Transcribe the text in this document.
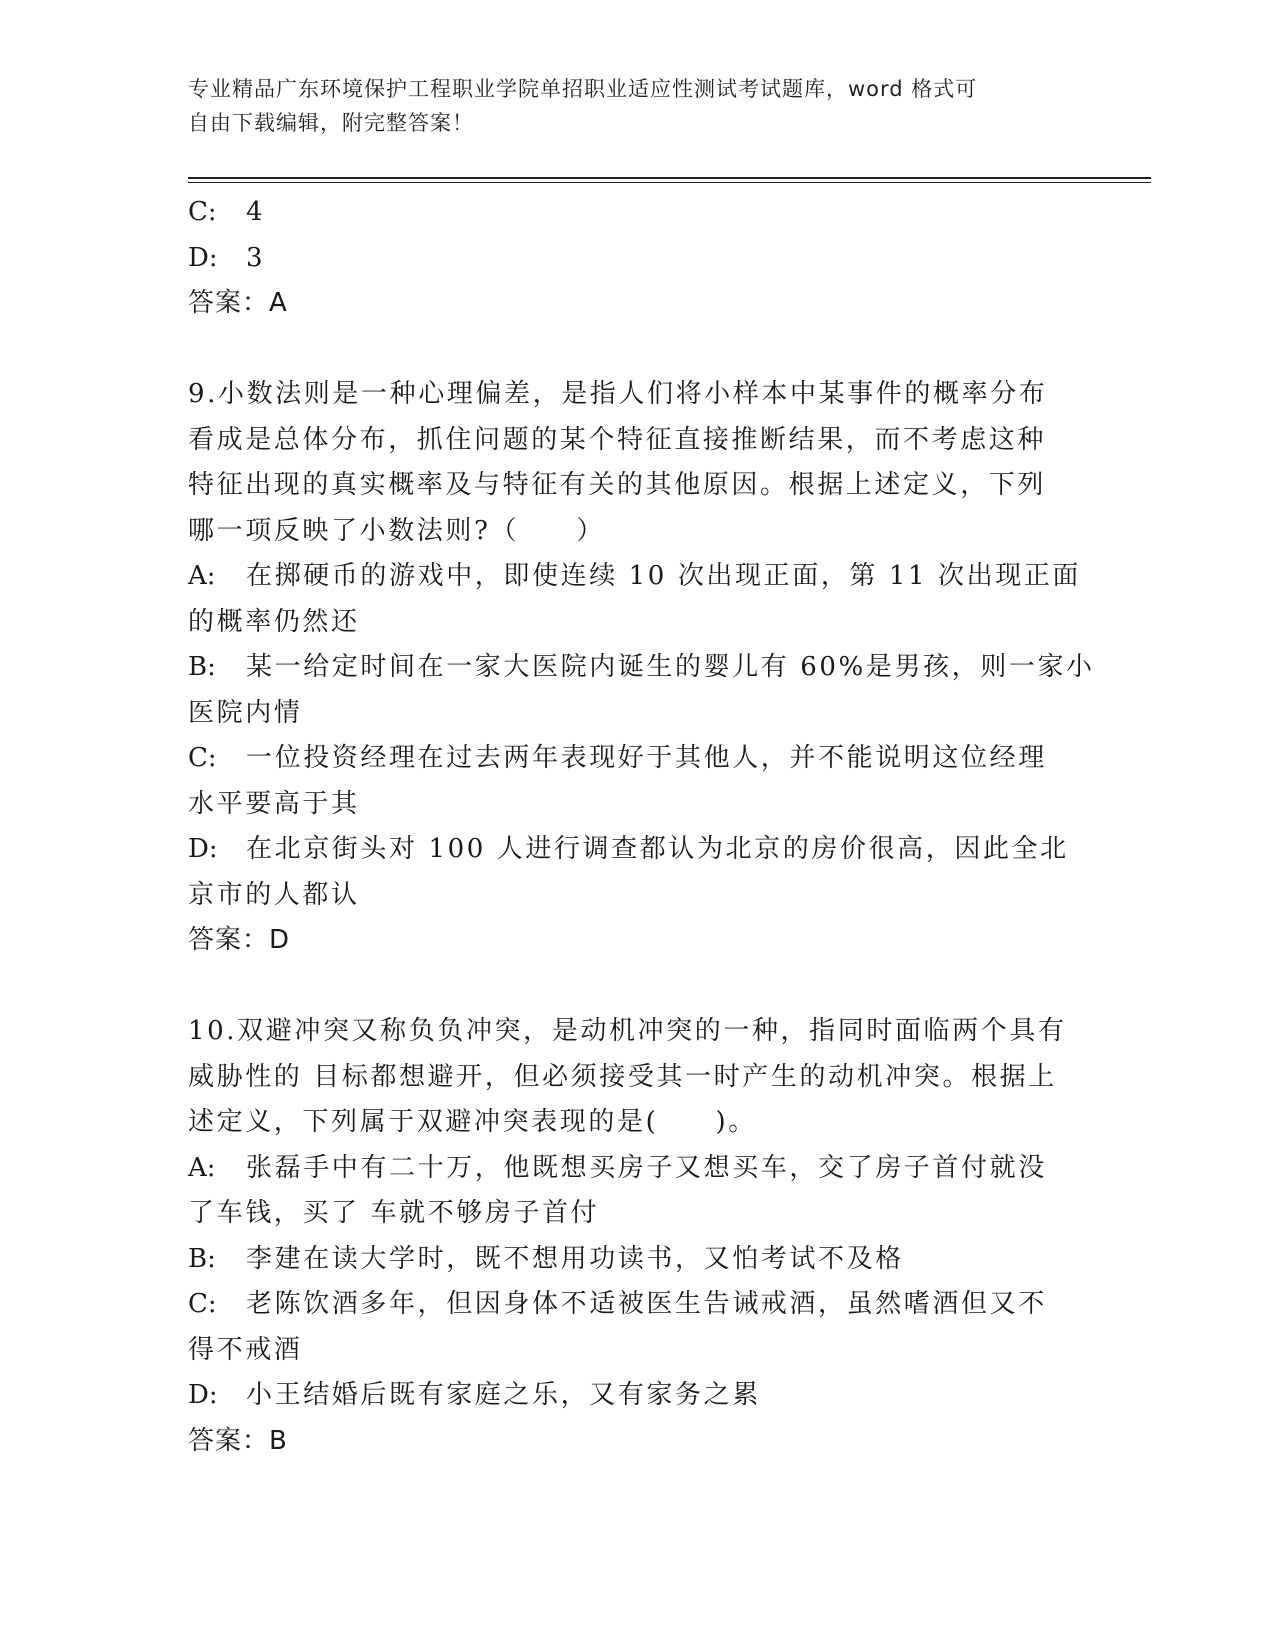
专业精品广东环境保护工程职业学院单招职业适应性测试考试题库，word 格式可
自由下载编辑，附完整答案！
C: 4
D: 3
答案：A
9.小数法则是一种心理偏差，是指人们将小样本中某事件的概率分布
看成是总体分布，抓住问题的某个特征直接推断结果，而不考虑这种
特征出现的真实概率及与特征有关的其他原因。根据上述定义，下列
哪一项反映了小数法则?（　　）
A: 在掷硬币的游戏中，即使连续 10 次出现正面，第 11 次出现正面
的概率仍然还
B: 某一给定时间在一家大医院内诞生的婴儿有 60%是男孩，则一家小
医院内情
C: 一位投资经理在过去两年表现好于其他人，并不能说明这位经理
水平要高于其
D: 在北京街头对 100 人进行调查都认为北京的房价很高，因此全北
京市的人都认
答案：D
10.双避冲突又称负负冲突，是动机冲突的一种，指同时面临两个具有
威胁性的 目标都想避开，但必须接受其一时产生的动机冲突。根据上
述定义，下列属于双避冲突表现的是(　　)。
A: 张磊手中有二十万，他既想买房子又想买车，交了房子首付就没
了车钱，买了 车就不够房子首付
B: 李建在读大学时，既不想用功读书，又怕考试不及格
C: 老陈饮酒多年，但因身体不适被医生告诫戒酒，虽然嗜酒但又不
得不戒酒
D: 小王结婚后既有家庭之乐，又有家务之累
答案：B
